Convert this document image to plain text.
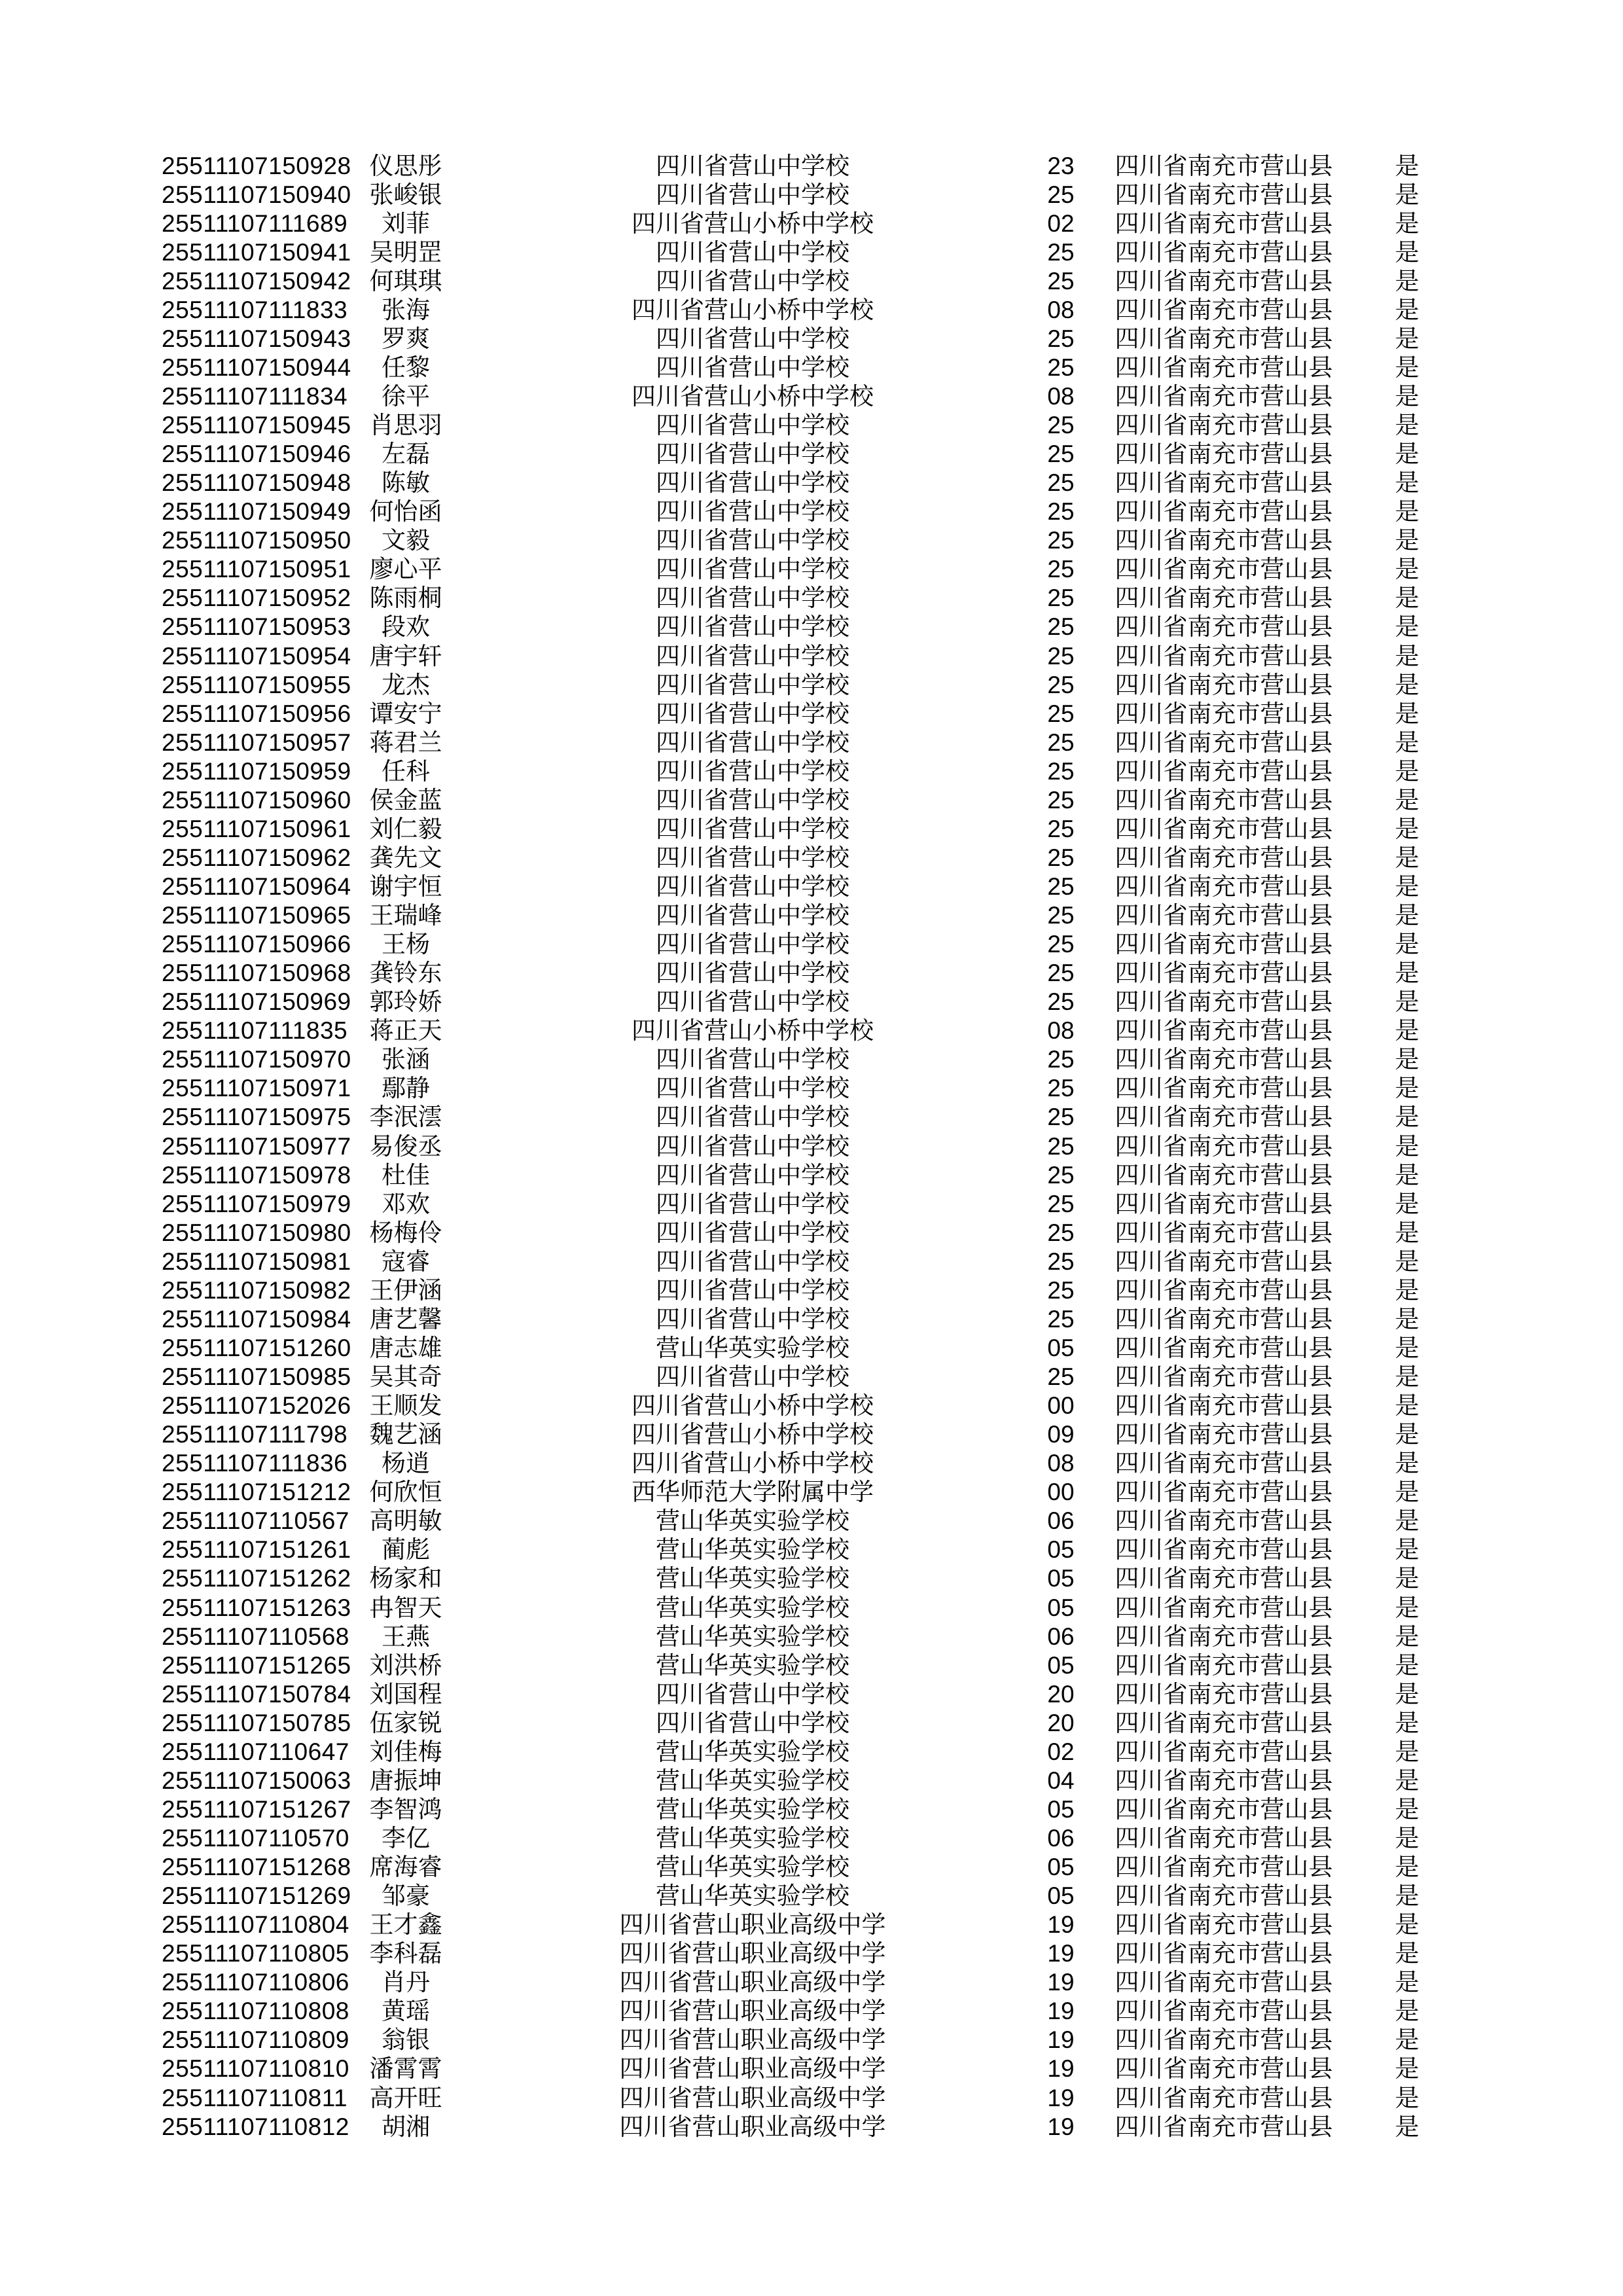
25511107150928 仪思彤	四川省营山中学校	23	四川省南充市营山县	是
25511107150940 张峻银	四川省营山中学校	25	四川省南充市营山县	是
25511107111689	刘菲	四川省营山小桥中学校	02	四川省南充市营山县	是
25511107150941 吴明罡	四川省营山中学校	25	四川省南充市营山县	是
25511107150942 何琪琪	四川省营山中学校	25	四川省南充市营山县	是
25511107111833	张海	四川省营山小桥中学校	08	四川省南充市营山县	是
25511107150943	罗爽	四川省营山中学校	25	四川省南充市营山县	是
25511107150944	任黎	四川省营山中学校	25	四川省南充市营山县	是
25511107111834	徐平	四川省营山小桥中学校	08	四川省南充市营山县	是
25511107150945 肖思羽	四川省营山中学校	25	四川省南充市营山县	是
25511107150946	左磊	四川省营山中学校	25	四川省南充市营山县	是
25511107150948	陈敏	四川省营山中学校	25	四川省南充市营山县	是
25511107150949 何怡函	四川省营山中学校	25	四川省南充市营山县	是
25511107150950	文毅	四川省营山中学校	25	四川省南充市营山县	是
25511107150951 廖心平	四川省营山中学校	25	四川省南充市营山县	是
25511107150952 陈雨桐	四川省营山中学校	25	四川省南充市营山县	是
25511107150953	段欢	四川省营山中学校	25	四川省南充市营山县	是
25511107150954 唐宇轩	四川省营山中学校	25	四川省南充市营山县	是
25511107150955	龙杰	四川省营山中学校	25	四川省南充市营山县	是
25511107150956 谭安宁	四川省营山中学校	25	四川省南充市营山县	是
25511107150957 蒋君兰	四川省营山中学校	25	四川省南充市营山县	是
25511107150959	任科	四川省营山中学校	25	四川省南充市营山县	是
25511107150960 侯金蓝	四川省营山中学校	25	四川省南充市营山县	是
25511107150961 刘仁毅	四川省营山中学校	25	四川省南充市营山县	是
25511107150962 龚先文	四川省营山中学校	25	四川省南充市营山县	是
25511107150964 谢宇恒	四川省营山中学校	25	四川省南充市营山县	是
25511107150965 王瑞峰	四川省营山中学校	25	四川省南充市营山县	是
25511107150966	王杨	四川省营山中学校	25	四川省南充市营山县	是
25511107150968 龚铃东	四川省营山中学校	25	四川省南充市营山县	是
25511107150969 郭玲娇	四川省营山中学校	25	四川省南充市营山县	是
25511107111835 蒋正天	四川省营山小桥中学校	08	四川省南充市营山县	是
25511107150970	张涵	四川省营山中学校	25	四川省南充市营山县	是
25511107150971	鄢静	四川省营山中学校	25	四川省南充市营山县	是
25511107150975 李泯澐	四川省营山中学校	25	四川省南充市营山县	是
25511107150977 易俊丞	四川省营山中学校	25	四川省南充市营山县	是
25511107150978	杜佳	四川省营山中学校	25	四川省南充市营山县	是
25511107150979	邓欢	四川省营山中学校	25	四川省南充市营山县	是
25511107150980 杨梅伶	四川省营山中学校	25	四川省南充市营山县	是
25511107150981	寇睿	四川省营山中学校	25	四川省南充市营山县	是
25511107150982 王伊涵	四川省营山中学校	25	四川省南充市营山县	是
25511107150984 唐艺馨	四川省营山中学校	25	四川省南充市营山县	是
25511107151260 唐志雄	营山华英实验学校	05	四川省南充市营山县	是
25511107150985 吴其奇	四川省营山中学校	25	四川省南充市营山县	是
25511107152026 王顺发	四川省营山小桥中学校	00	四川省南充市营山县	是
25511107111798 魏艺涵	四川省营山小桥中学校	09	四川省南充市营山县	是
25511107111836	杨逍	四川省营山小桥中学校	08	四川省南充市营山县	是
25511107151212 何欣恒	西华师范大学附属中学	00	四川省南充市营山县	是
25511107110567 高明敏	营山华英实验学校	06	四川省南充市营山县	是
25511107151261	蔺彪	营山华英实验学校	05	四川省南充市营山县	是
25511107151262 杨家和	营山华英实验学校	05	四川省南充市营山县	是
25511107151263 冉智天	营山华英实验学校	05	四川省南充市营山县	是
25511107110568	王燕	营山华英实验学校	06	四川省南充市营山县	是
25511107151265 刘洪桥	营山华英实验学校	05	四川省南充市营山县	是
25511107150784 刘国程	四川省营山中学校	20	四川省南充市营山县	是
25511107150785 伍家锐	四川省营山中学校	20	四川省南充市营山县	是
25511107110647 刘佳梅	营山华英实验学校	02	四川省南充市营山县	是
25511107150063 唐振坤	营山华英实验学校	04	四川省南充市营山县	是
25511107151267 李智鸿	营山华英实验学校	05	四川省南充市营山县	是
25511107110570	李亿	营山华英实验学校	06	四川省南充市营山县	是
25511107151268 席海睿	营山华英实验学校	05	四川省南充市营山县	是
25511107151269	邹豪	营山华英实验学校	05	四川省南充市营山县	是
25511107110804 王才鑫	四川省营山职业高级中学	19	四川省南充市营山县	是
25511107110805 李科磊	四川省营山职业高级中学	19	四川省南充市营山县	是
25511107110806	肖丹	四川省营山职业高级中学	19	四川省南充市营山县	是
25511107110808	黄瑶	四川省营山职业高级中学	19	四川省南充市营山县	是
25511107110809	翁银	四川省营山职业高级中学	19	四川省南充市营山县	是
25511107110810 潘霄霄	四川省营山职业高级中学	19	四川省南充市营山县	是
25511107110811 高开旺	四川省营山职业高级中学	19	四川省南充市营山县	是
25511107110812	胡湘	四川省营山职业高级中学	19	四川省南充市营山县	是
